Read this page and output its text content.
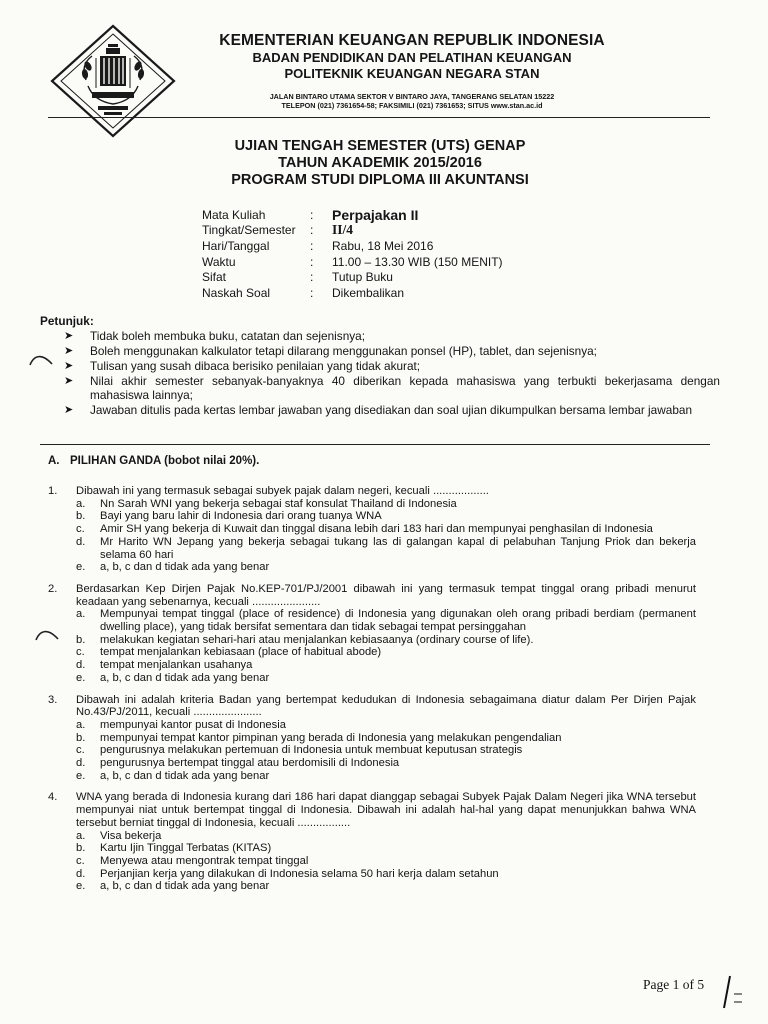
KEMENTERIAN KEUANGAN REPUBLIK INDONESIA
BADAN PENDIDIKAN DAN PELATIHAN KEUANGAN
POLITEKNIK KEUANGAN NEGARA STAN
JALAN BINTARO UTAMA SEKTOR V BINTARO JAYA, TANGERANG SELATAN 15222
TELEPON (021) 7361654-58; FAKSIMILI (021) 7361653; SITUS www.stan.ac.id
UJIAN TENGAH SEMESTER (UTS) GENAP
TAHUN AKADEMIK 2015/2016
PROGRAM STUDI DIPLOMA III AKUNTANSI
Mata Kuliah	:	Perpajakan II
Tingkat/Semester	:	II/4
Hari/Tanggal	:	Rabu, 18 Mei 2016
Waktu	:	11.00 – 13.30 WIB (150 MENIT)
Sifat	:	Tutup Buku
Naskah Soal	:	Dikembalikan
Petunjuk:
➤ Tidak boleh membuka buku, catatan dan sejenisnya;
➤ Boleh menggunakan kalkulator tetapi dilarang menggunakan ponsel (HP), tablet, dan sejenisnya;
➤ Tulisan yang susah dibaca berisiko penilaian yang tidak akurat;
➤ Nilai akhir semester sebanyak-banyaknya 40 diberikan kepada mahasiswa yang terbukti bekerjasama dengan mahasiswa lainnya;
➤ Jawaban ditulis pada kertas lembar jawaban yang disediakan dan soal ujian dikumpulkan bersama lembar jawaban
A. PILIHAN GANDA (bobot nilai 20%).
1. Dibawah ini yang termasuk sebagai subyek pajak dalam negeri, kecuali ..................
a. Nn Sarah WNI yang bekerja sebagai staf konsulat Thailand di Indonesia
b. Bayi yang baru lahir di Indonesia dari orang tuanya WNA
c. Amir SH yang bekerja di Kuwait dan tinggal disana lebih dari 183 hari dan mempunyai penghasilan di Indonesia
d. Mr Harito WN Jepang yang bekerja sebagai tukang las di galangan kapal di pelabuhan Tanjung Priok dan bekerja selama 60 hari
e. a, b, c dan d tidak ada yang benar
2. Berdasarkan Kep Dirjen Pajak No.KEP-701/PJ/2001 dibawah ini yang termasuk tempat tinggal orang pribadi menurut keadaan yang sebenarnya, kecuali ......................
a. Mempunyai tempat tinggal (place of residence) di Indonesia yang digunakan oleh orang pribadi berdiam (permanent dwelling place), yang tidak bersifat sementara dan tidak sebagai tempat persinggahan
b. melakukan kegiatan sehari-hari atau menjalankan kebiasaanya (ordinary course of life).
c. tempat menjalankan kebiasaan (place of habitual abode)
d. tempat menjalankan usahanya
e. a, b, c dan d tidak ada yang benar
3. Dibawah ini adalah kriteria Badan yang bertempat kedudukan di Indonesia sebagaimana diatur dalam Per Dirjen Pajak No.43/PJ/2011, kecuali ......................
a. mempunyai kantor pusat di Indonesia
b. mempunyai tempat kantor pimpinan yang berada di Indonesia yang melakukan pengendalian
c. pengurusnya melakukan pertemuan di Indonesia untuk membuat keputusan strategis
d. pengurusnya bertempat tinggal atau berdomisili di Indonesia
e. a, b, c dan d tidak ada yang benar
4. WNA yang berada di Indonesia kurang dari 186 hari dapat dianggap sebagai Subyek Pajak Dalam Negeri jika WNA tersebut mempunyai niat untuk bertempat tinggal di Indonesia. Dibawah ini adalah hal-hal yang dapat menunjukkan bahwa WNA tersebut berniat tinggal di Indonesia, kecuali .................
a. Visa bekerja
b. Kartu Ijin Tinggal Terbatas (KITAS)
c. Menyewa atau mengontrak tempat tinggal
d. Perjanjian kerja yang dilakukan di Indonesia selama 50 hari kerja dalam setahun
e. a, b, c dan d tidak ada yang benar
Page 1 of 5
